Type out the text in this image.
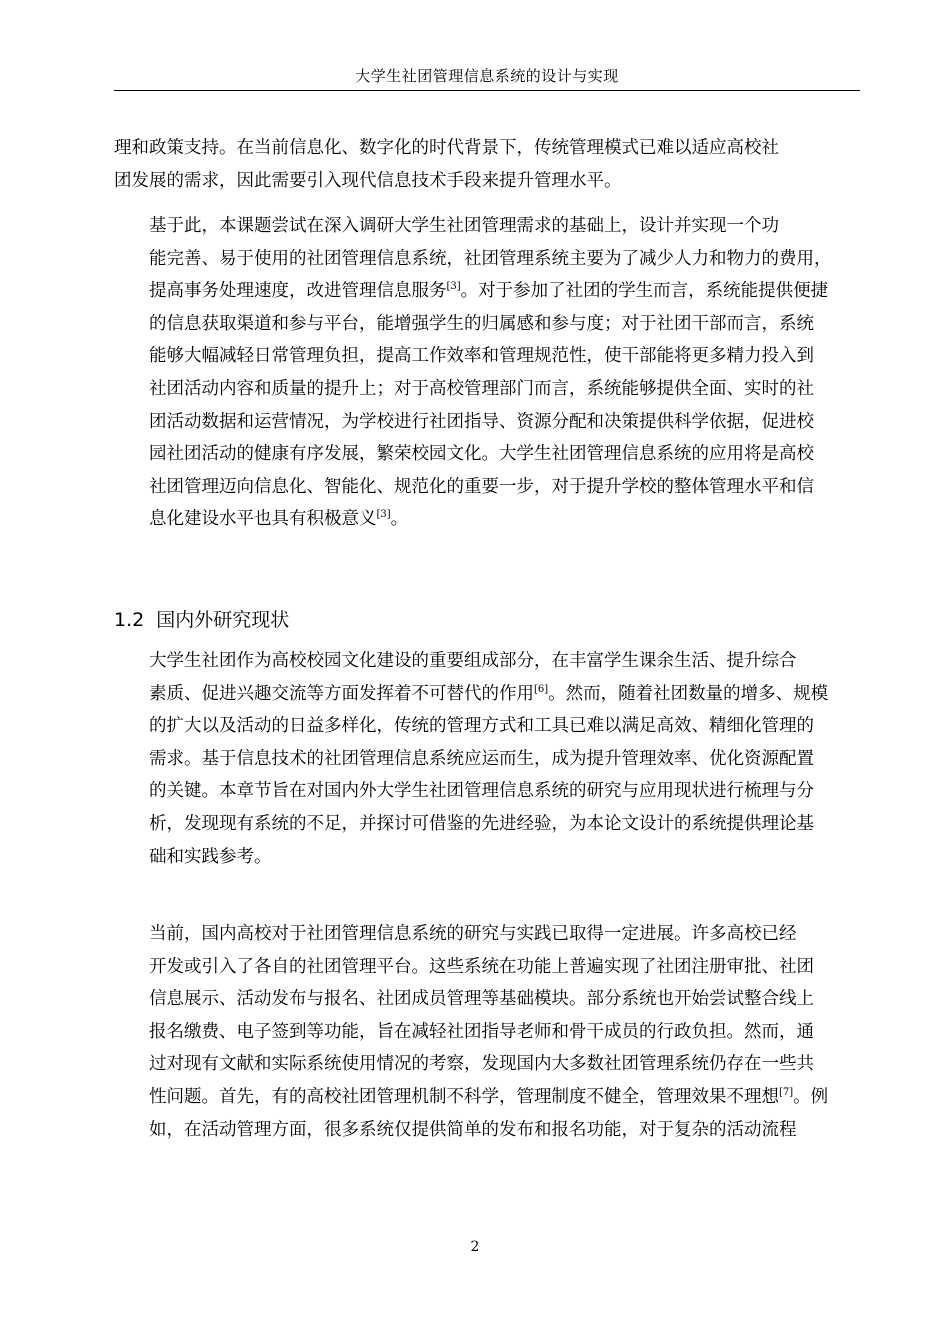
大学生社团管理信息系统的设计与实现

理和政策支持。在当前信息化、数字化的时代背景下，传统管理模式已难以适应高校社
团发展的需求，因此需要引入现代信息技术手段来提升管理水平。

基于此，本课题尝试在深入调研大学生社团管理需求的基础上，设计并实现一个功
能完善、易于使用的社团管理信息系统，社团管理系统主要为了减少人力和物力的费用，
提高事务处理速度，改进管理信息服务[3]。对于参加了社团的学生而言，系统能提供便捷
的信息获取渠道和参与平台，能增强学生的归属感和参与度；对于社团干部而言，系统
能够大幅减轻日常管理负担，提高工作效率和管理规范性，使干部能将更多精力投入到
社团活动内容和质量的提升上；对于高校管理部门而言，系统能够提供全面、实时的社
团活动数据和运营情况，为学校进行社团指导、资源分配和决策提供科学依据，促进校
园社团活动的健康有序发展，繁荣校园文化。大学生社团管理信息系统的应用将是高校
社团管理迈向信息化、智能化、规范化的重要一步，对于提升学校的整体管理水平和信
息化建设水平也具有积极意义[3]。

1.2 国内外研究现状

大学生社团作为高校校园文化建设的重要组成部分，在丰富学生课余生活、提升综合
素质、促进兴趣交流等方面发挥着不可替代的作用[6]。然而，随着社团数量的增多、规模
的扩大以及活动的日益多样化，传统的管理方式和工具已难以满足高效、精细化管理的
需求。基于信息技术的社团管理信息系统应运而生，成为提升管理效率、优化资源配置
的关键。本章节旨在对国内外大学生社团管理信息系统的研究与应用现状进行梳理与分
析，发现现有系统的不足，并探讨可借鉴的先进经验，为本论文设计的系统提供理论基
础和实践参考。

当前，国内高校对于社团管理信息系统的研究与实践已取得一定进展。许多高校已经
开发或引入了各自的社团管理平台。这些系统在功能上普遍实现了社团注册审批、社团
信息展示、活动发布与报名、社团成员管理等基础模块。部分系统也开始尝试整合线上
报名缴费、电子签到等功能，旨在减轻社团指导老师和骨干成员的行政负担。然而，通
过对现有文献和实际系统使用情况的考察，发现国内大多数社团管理系统仍存在一些共
性问题。首先，有的高校社团管理机制不科学，管理制度不健全，管理效果不理想[7]。例
如，在活动管理方面，很多系统仅提供简单的发布和报名功能，对于复杂的活动流程

2
